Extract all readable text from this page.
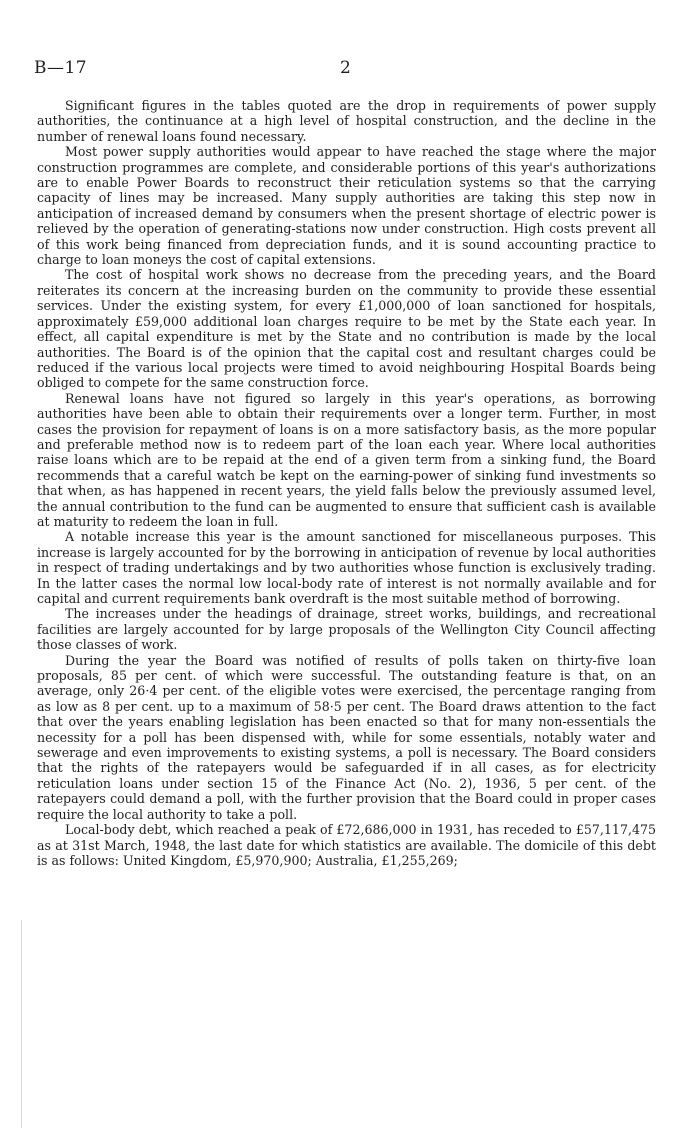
B—17	2

Significant figures in the tables quoted are the drop in requirements of power supply authorities, the continuance at a high level of hospital construction, and the decline in the number of renewal loans found necessary.

Most power supply authorities would appear to have reached the stage where the major construction programmes are complete, and considerable portions of this year's authorizations are to enable Power Boards to reconstruct their reticulation systems so that the carrying capacity of lines may be increased. Many supply authorities are taking this step now in anticipation of increased demand by consumers when the present shortage of electric power is relieved by the operation of generating-stations now under construction. High costs prevent all of this work being financed from depreciation funds, and it is sound accounting practice to charge to loan moneys the cost of capital extensions.

The cost of hospital work shows no decrease from the preceding years, and the Board reiterates its concern at the increasing burden on the community to provide these essential services. Under the existing system, for every £1,000,000 of loan sanctioned for hospitals, approximately £59,000 additional loan charges require to be met by the State each year. In effect, all capital expenditure is met by the State and no contribution is made by the local authorities. The Board is of the opinion that the capital cost and resultant charges could be reduced if the various local projects were timed to avoid neighbouring Hospital Boards being obliged to compete for the same construction force.

Renewal loans have not figured so largely in this year's operations, as borrowing authorities have been able to obtain their requirements over a longer term. Further, in most cases the provision for repayment of loans is on a more satisfactory basis, as the more popular and preferable method now is to redeem part of the loan each year. Where local authorities raise loans which are to be repaid at the end of a given term from a sinking fund, the Board recommends that a careful watch be kept on the earning-power of sinking fund investments so that when, as has happened in recent years, the yield falls below the previously assumed level, the annual contribution to the fund can be augmented to ensure that sufficient cash is available at maturity to redeem the loan in full.

A notable increase this year is the amount sanctioned for miscellaneous purposes. This increase is largely accounted for by the borrowing in anticipation of revenue by local authorities in respect of trading undertakings and by two authorities whose function is exclusively trading. In the latter cases the normal low local-body rate of interest is not normally available and for capital and current requirements bank overdraft is the most suitable method of borrowing.

The increases under the headings of drainage, street works, buildings, and recreational facilities are largely accounted for by large proposals of the Wellington City Council affecting those classes of work.

During the year the Board was notified of results of polls taken on thirty-five loan proposals, 85 per cent. of which were successful. The outstanding feature is that, on an average, only 26·4 per cent. of the eligible votes were exercised, the percentage ranging from as low as 8 per cent. up to a maximum of 58·5 per cent. The Board draws attention to the fact that over the years enabling legislation has been enacted so that for many non-essentials the necessity for a poll has been dispensed with, while for some essentials, notably water and sewerage and even improvements to existing systems, a poll is necessary. The Board considers that the rights of the ratepayers would be safeguarded if in all cases, as for electricity reticulation loans under section 15 of the Finance Act (No. 2), 1936, 5 per cent. of the ratepayers could demand a poll, with the further provision that the Board could in proper cases require the local authority to take a poll.

Local-body debt, which reached a peak of £72,686,000 in 1931, has receded to £57,117,475 as at 31st March, 1948, the last date for which statistics are available. The domicile of this debt is as follows: United Kingdom, £5,970,900; Australia, £1,255,269;
